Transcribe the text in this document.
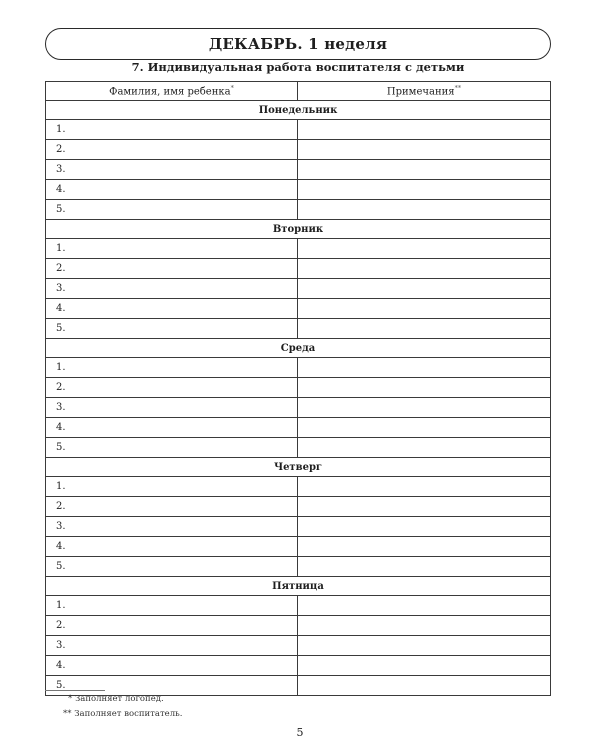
ДЕКАБРЬ. 1 неделя
7. Индивидуальная работа воспитателя с детьми
Фамилия, имя ребенка*	Примечания**
Понедельник	
1.	
2.	
3.	
4.	
5.	
Вторник	
1.	
2.	
3.	
4.	
5.	
Среда	
1.	
2.	
3.	
4.	
5.	
Четверг	
1.	
2.	
3.	
4.	
5.	
Пятница	
1.	
2.	
3.	
4.	
5.	
* Заполняет логопед.
** Заполняет воспитатель.
5
